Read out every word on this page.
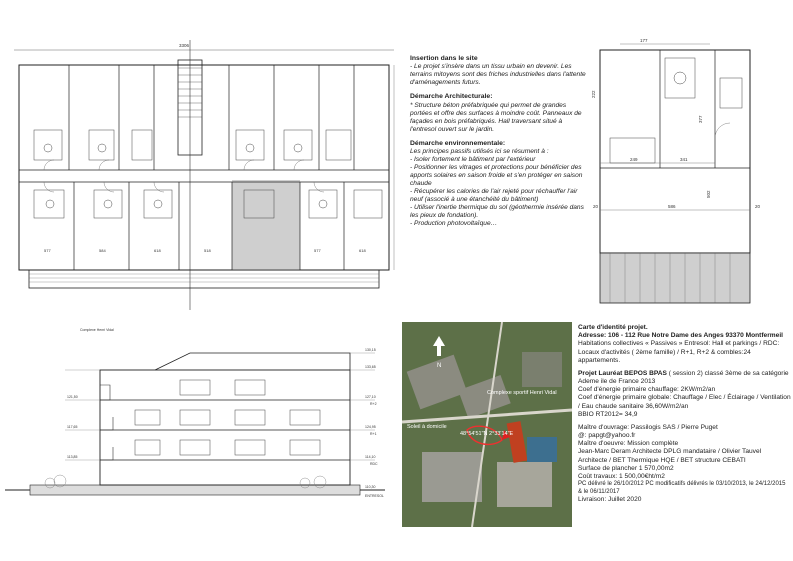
3306
577	584	618	518	577	618

Insertion dans le site

- Le projet s'insère dans un tissu urbain en devenir. Les terrains mitoyens sont des friches industrielles dans l'attente d'aménagements futurs.

Démarche Architecturale:

* Structure béton préfabriquée qui permet de grandes portées et offre des surfaces à moindre coût. Panneaux de façades en bois préfabriqués. Hall traversant situé à l'entresol ouvert sur le jardin.

Démarche environnementale:

Les principes passifs utilisés ici se résument à :

- Isoler fortement le bâtiment par l'extérieur
- Positionner les vitrages et protections pour bénéficier des apports solaires en saison froide et s'en protéger en saison chaude
- Récupérer les calories de l'air rejeté pour réchauffer l'air neuf (associé à une étanchéité du bâtiment)
- Utiliser l'inertie thermique du sol (géothermie insérée dans les pieux de fondation).
- Production photovoltaïque…
177
222
377
249	341
586
502
20	20
Complexe Henri Vidal
130,15
133,65
127,10
124,95
121,50
117,65
114,10
113,85
110,30
R+2
R+1
RDC
ENTRESOL
N
Complexe sportif Henri Vidal
Soleil à domicile
48°54'51"N 2°33'14"E

Carte d'identité projet.

Adresse: 106 - 112 Rue Notre Dame des Anges 93370 Montfermeil

Habitations collectives « Passives » Entresol: Hall et parkings / RDC: Locaux d'activités ( 2ème famille) / R+1, R+2 & combles:24 appartements.

Projet Lauréat BEPOS BPAS ( session 2) classé 3ème de sa catégorie

Ademe ile de France 2013

Coef d'énergie primaire chauffage: 2KW/m2/an

Coef d'énergie primaire globale: Chauffage / Elec / Éclairage / Ventilation / Eau chaude sanitaire 36,60W/m2/an

BBIO RT2012= 34,9

Maître d'ouvrage: Passilogis SAS / Pierre Puget

@: papgt@yahoo.fr

Maître d'oeuvre: Mission complète

Jean-Marc Deram Architecte DPLG mandataire / Olivier Tauvel Architecte / BET Thermique HQE / BET structure CEBATI

Surface de plancher 1 570,00m2

Coût travaux: 1 500,00€ht/m2

PC délivré le 26/10/2012 PC modificatifs délivrés le 03/10/2013, le 24/12/2015 & le 06/11/2017

Livraison: Juillet 2020
